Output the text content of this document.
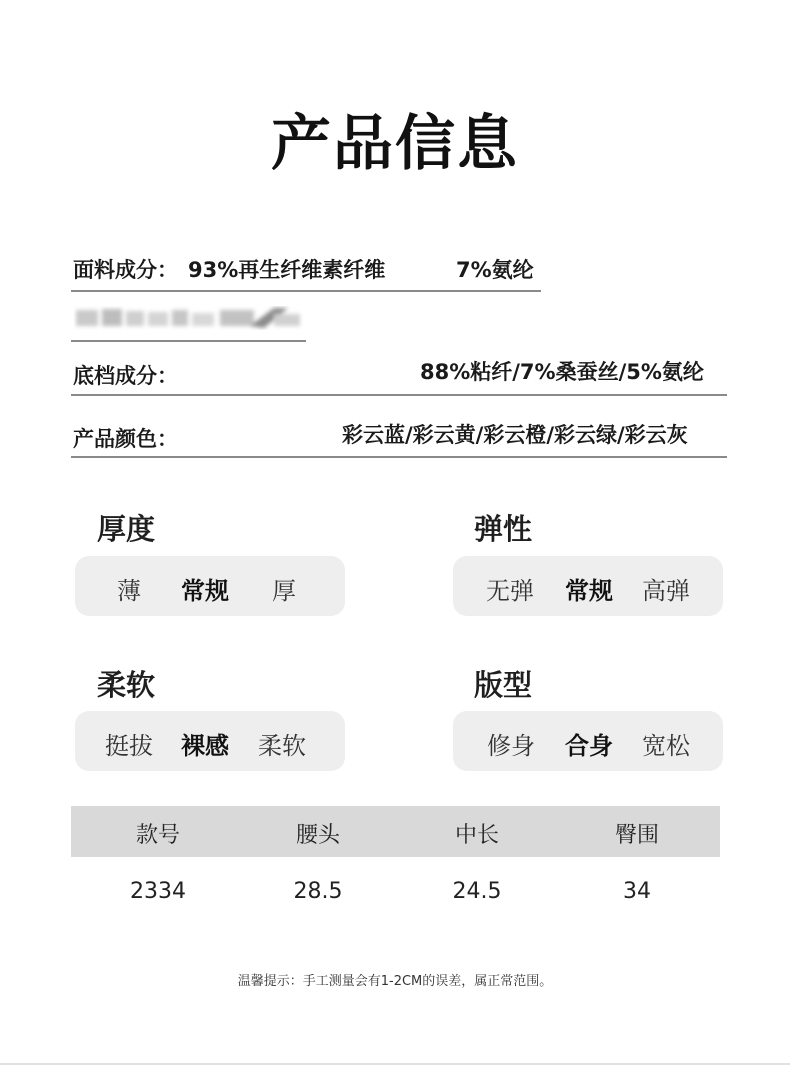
产品信息
面料成分： 93%再生纤维素纤维	7%氨纶
底档成分：	88%粘纤/7%桑蚕丝/5%氨纶
产品颜色：	彩云蓝/彩云黄/彩云橙/彩云绿/彩云灰
厚度
薄 常规 厚
弹性
无弹 常规 高弹
柔软
挺拔 裸感 柔软
版型
修身 合身 宽松
款号	腰头	中长	臀围
2334	28.5	24.5	34
温馨提示：手工测量会有1-2CM的误差，属正常范围。
